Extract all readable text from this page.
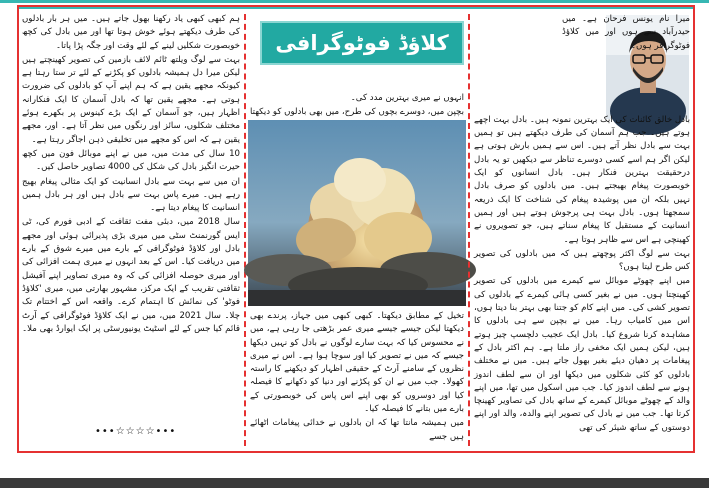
ہم کبھی کبھی یاد رکھنا بھول جاتے ہیں۔ میں ہر بار بادلوں کی طرف دیکھتے ہوئے خوش ہوتا تھا اور میں بادل کی کچھ خوبصورت شکلیں لینے کے لئے وقت اور جگہ پڑا پاتا۔

بہت سے لوگ ویلتھ ٹائم لائف بازمین کی تصویر کھینچتے ہیں لیکن میرا دل ہمیشہ بادلوں کو پکڑنے کے لئے تر ستا رہتا ہے کیونکہ مجھے یقین ہے کہ ہم اپنے آپ کو بادلوں کی ضرورت ہوتی ہے۔ مجھے یقین تھا کہ بادل آسمان کا ایک فنکارانہ اظہار ہیں، جو آسمان کے ایک بڑے کینوس پر بکھرے ہوئے مختلف شکلوں، سائز اور رنگوں میں نظر آتا ہے۔ اور، مجھے یقین ہے کہ اس کو مجھے میں تخلیقی ذہن اجاگر رہتا ہے۔

10 سال کی مدت میں، میں نے اپنے موبائل فون میں کچھ حیرت انگیز بادل کی شکل کی 4000 تصاویر حاصل کیں۔

ان میں سے بہت سے بادل انسانیت کو ایک مثالی پیغام بھیج رہے ہیں۔ میرے پاس بہت سے بادل ہیں اور ہر بادل ہمیں انسانیت کا پیغام دیتا ہے۔

سال 2018 میں، دبئی مفت ثقافت کے ادبی فورم کی، ٹی ایس گورنمنٹ سٹی میں میری بڑی پذیرائی ہوئی اور مجھے بادل اور کلاؤڈ فوٹوگرافی کے بارے میں میرے شوق کے بارے میں دریافت کیا۔ اس کے بعد انہوں نے میری ہمت افزائی کی اور میری حوصلہ افزائی کی کہ وہ میری تصاویر اپنے آفیشل ثقافتی تقریب کے ایک مرکز، مشہور بھارتی میں، میری 'کلاؤڈ فوٹو' کی نمائش کا اہتمام کرے۔ واقعہ اس کے اختتام تک چلا۔ سال 2021 میں، میں نے ایک کلاؤڈ فوٹوگرافی کے آرٹ قائم کیا جس کے لئے اسٹیٹ یونیورسٹی پر ایک ایوارڈ بھی ملا۔

•••☆☆☆☆•••
کلاؤڈ فوٹوگرافی

انہوں نے میری بہترین مدد کی۔

بچپن میں، دوسرے بچوں کی طرح، میں بھی بادلوں کو دیکھتا

تخیل کے مطابق دیکھتا۔ کبھی کبھی میں جہاز، پرندے بھی دیکھتا لیکن جیسے جیسے میری عمر بڑھتی جا رہی ہے، میں نے محسوس کیا کہ بہت سارے لوگوں نے بادل کو نہیں دیکھا جیسے کہ میں نے تصویر کیا اور سوچا ہوا ہے۔ اس نے میری نظروں کے سامنے آرٹ کے حقیقی اظہار کو دیکھنے کا راستہ کھولا۔ جب میں نے ان کو پکڑنے اور دنیا کو دکھانے کا فیصلہ کیا اور دوسروں کو بھی اپنے اس پاس کی خوبصورتی کے بارے میں بتانے کا فیصلہ کیا۔

میں ہمیشہ مانتا تھا کہ ان بادلوں نے خدائی پیغامات اٹھائے ہیں جسے

میرا نام یونس فرحان ہے۔ میں حیدرآباد سے ہوں اور میں کلاؤڈ فوٹوگرافر ہوں۔

بادل خالق کائنات کی ایک بہترین نمونہ ہیں۔ بادل بہت اچھے ہوتے ہیں۔ جب ہم آسمان کی طرف دیکھتے ہیں تو ہمیں بہت سے بادل نظر آتے ہیں۔ اس سے ہمیں بارش ہوتی ہے لیکن اگر ہم اسے کسی دوسرے تناظر سے دیکھیں تو یہ بادل درحقیقت بہترین فنکار ہیں۔ بادل انسانوں کو ایک خوبصورت پیغام بھیجتے ہیں۔ میں بادلوں کو صرف بادل نہیں بلکہ ان میں پوشیدہ پیغام کی شناخت کا ایک ذریعہ سمجھتا ہوں۔ بادل بہت ہی پرجوش ہوتے ہیں اور ہمیں انسانیت کے مستقبل کا پیغام سناتے ہیں، جو تصویروں نے کھینچی ہے اس سے ظاہر ہوتا ہے۔

بہت سے لوگ اکثر پوچھتے ہیں کہ میں بادلوں کی تصویر کس طرح لیتا ہوں؟

میں اپنے چھوٹے موبائل سے کیمرے میں بادلوں کی تصویر کھینچتا ہوں۔ میں نے بغیر کسی ہائی کیمرے کے بادلوں کی تصویر کشی کی۔ میں اپنے کام کو جتنا بھی بہتر بنا دیتا ہوں، اس میں کامیاب رہا۔ میں نے بچپن سے ہی بادلوں کا مشاہدہ کرنا شروع کیا۔ بادل ایک عجیب دلچسپ چیز ہوتے ہیں، لیکن ہمیں ایک مخفی راز ملتا ہے۔ ہم اکثر بادل کے پیغامات پر دھیان دیئے بغیر بھول جاتے ہیں۔ میں نے مختلف بادلوں کو کئی شکلوں میں دیکھا اور ان سے لطف اندوز ہونے سے لطف اندوز کیا۔ جب میں اسکول میں تھا، میں اپنے والد کے چھوٹے موبائل کیمرے کے ساتھ بادل کی تصاویر کھینچا کرتا تھا۔ جب میں نے بادل کی تصویر اپنے والدہ، والد اور اپنے دوستوں کے ساتھ شیئر کی تھی
